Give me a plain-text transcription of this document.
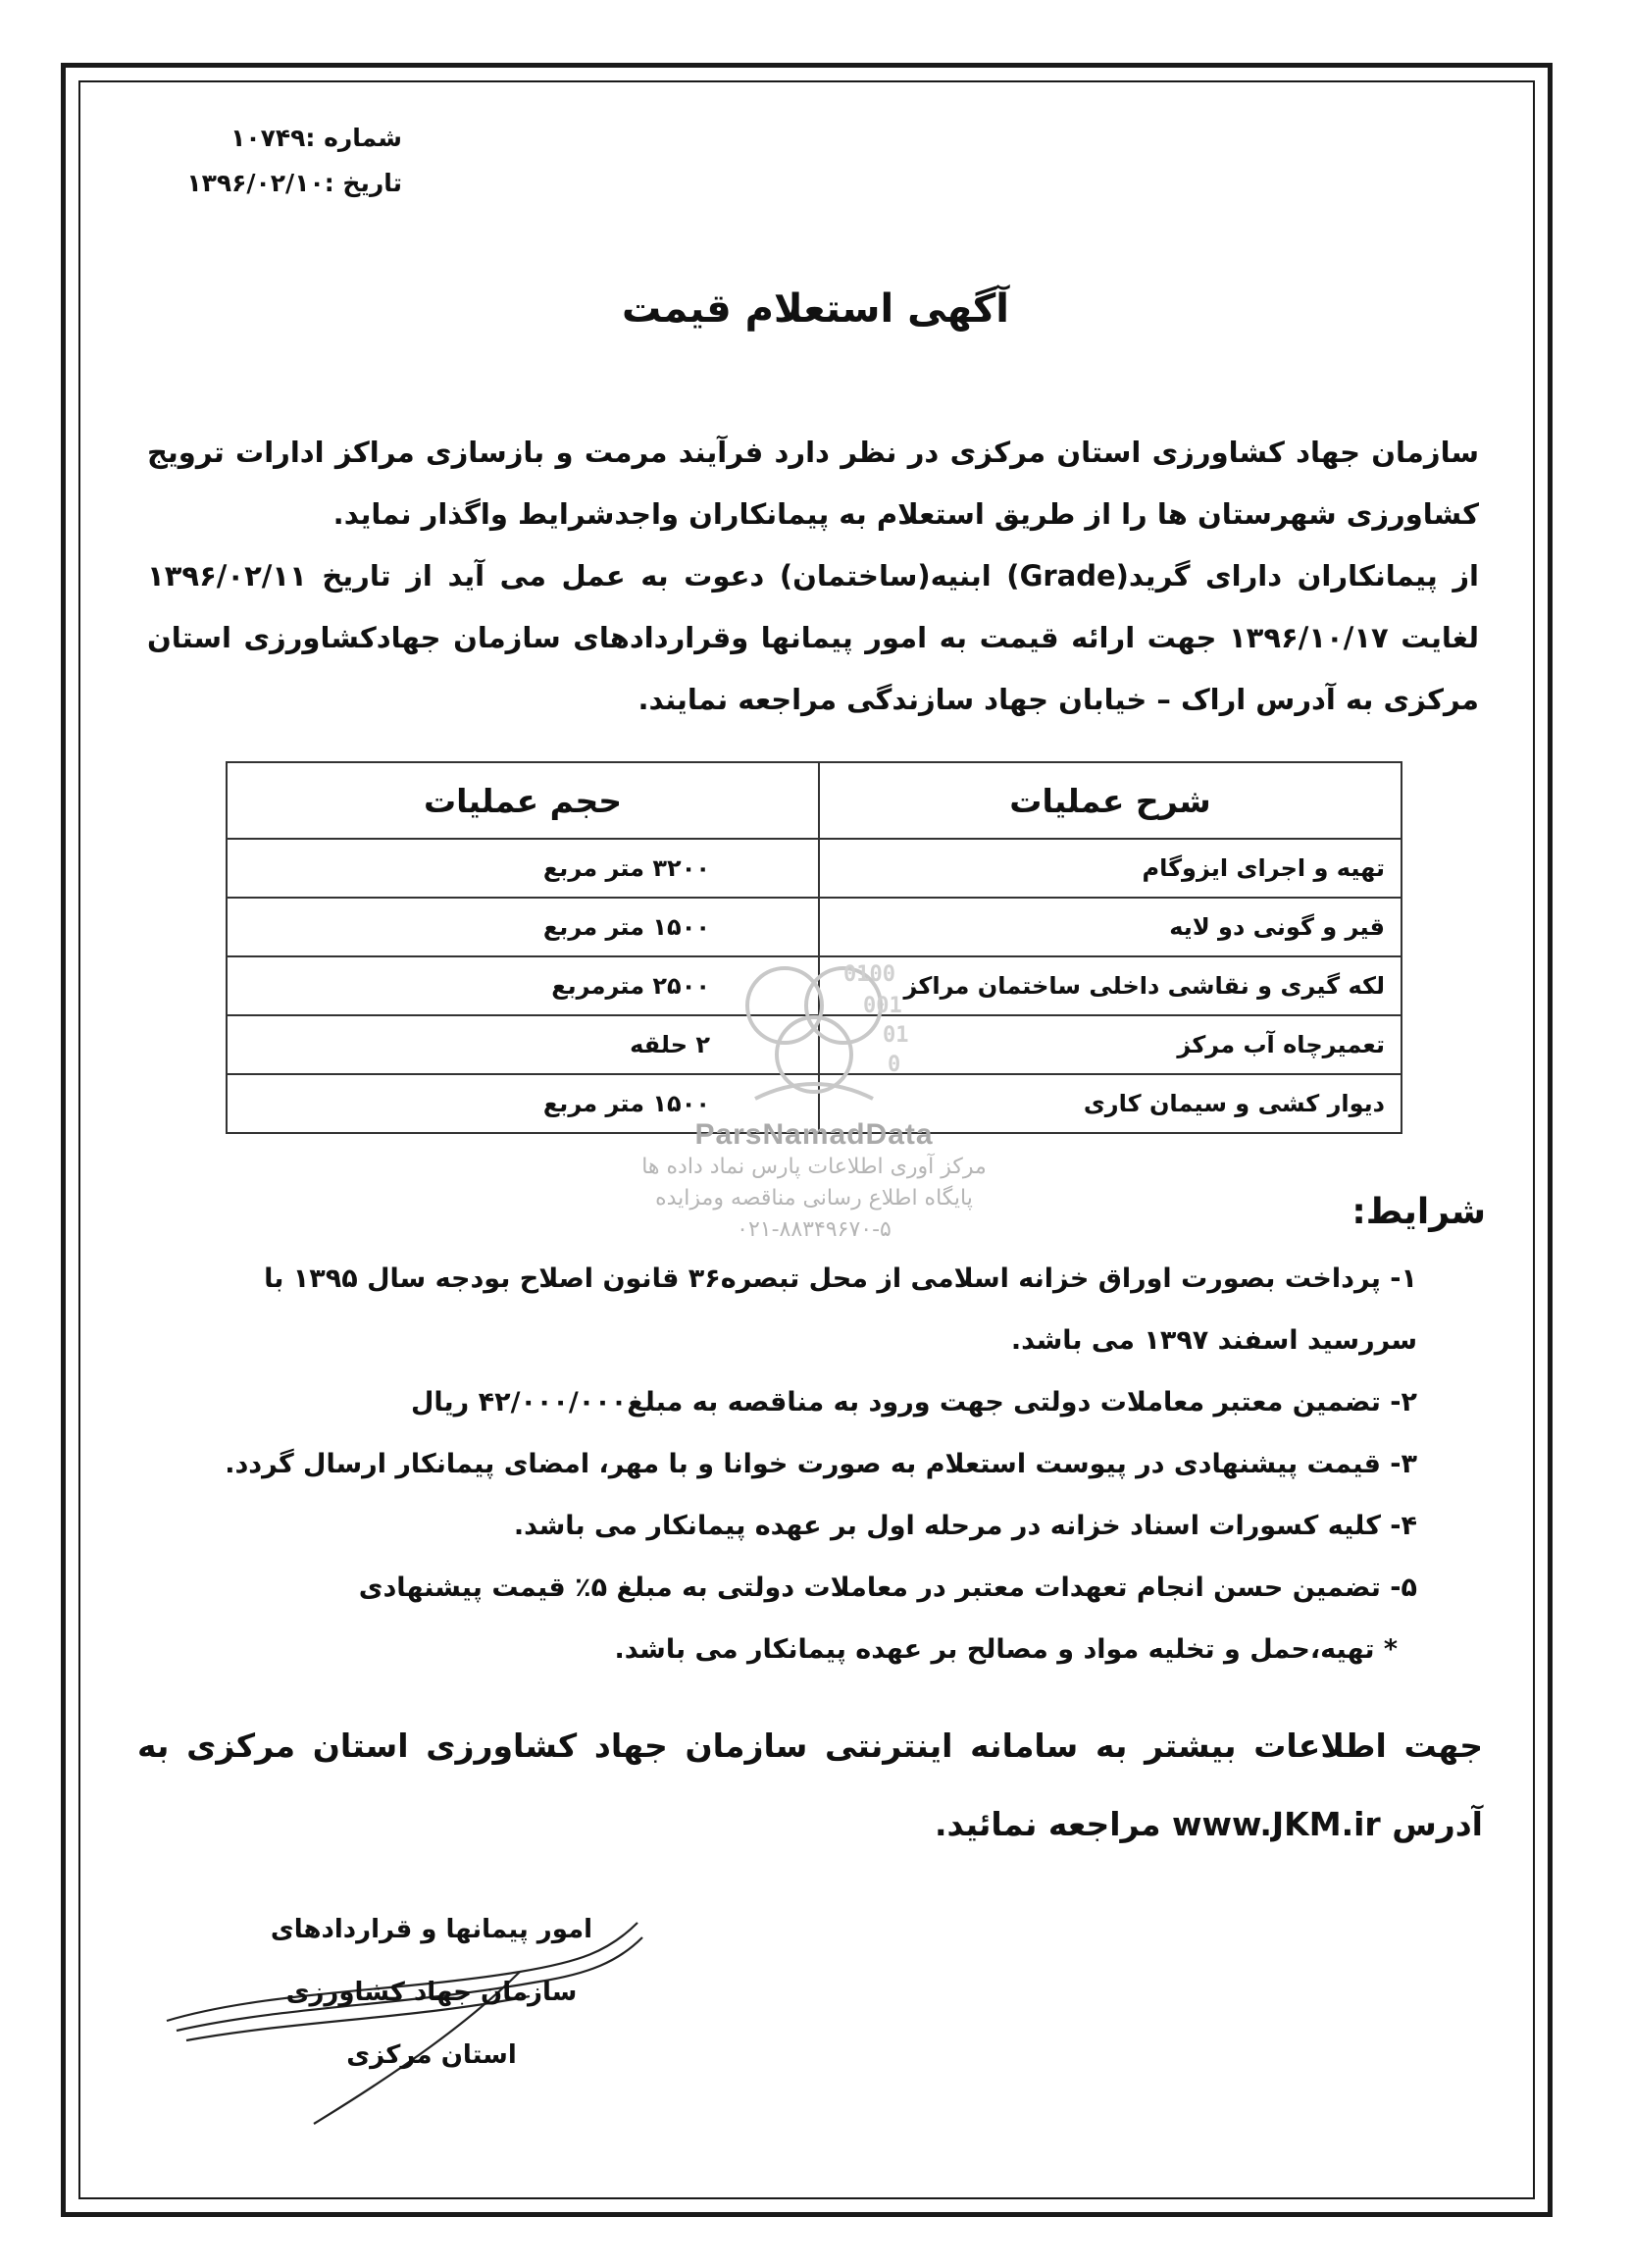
شماره :۱۰۷۴۹
تاریخ :۱۳۹۶/۰۲/۱۰
آگهی استعلام قیمت

سازمان جهاد کشاورزی استان مرکزی در نظر دارد فرآیند مرمت و بازسازی مراکز ادارات ترویج کشاورزی شهرستان ها را از طریق استعلام به پیمانکاران واجدشرایط واگذار نماید.

از پیمانکاران دارای گرید(Grade) ابنیه(ساختمان) دعوت به عمل می آید از تاریخ ۱۳۹۶/۰۲/۱۱ لغایت ۱۳۹۶/۱۰/۱۷ جهت ارائه قیمت به امور پیمانها وقراردادهای سازمان جهادکشاورزی استان مرکزی به آدرس اراک – خیابان جهاد سازندگی مراجعه نمایند.

شرح عملیات	حجم عملیات
تهیه و اجرای ایزوگام	۳۲۰۰ متر مربع
قیر و گونی دو لایه	۱۵۰۰ متر مربع
لکه گیری و نقاشی داخلی ساختمان مراکز	۲۵۰۰ مترمربع
تعمیرچاه آب مرکز	۲ حلقه
دیوار کشی و سیمان کاری	۱۵۰۰ متر مربع
0100
001
01
0
ParsNamadData
مرکز آوری اطلاعات پارس نماد داده ها
پایگاه اطلاع رسانی مناقصه ومزایده
۰۲۱-۸۸۳۴۹۶۷۰-۵	شرایط:
۱- پرداخت بصورت اوراق خزانه اسلامی از محل تبصره۳۶ قانون اصلاح بودجه سال ۱۳۹۵ با سررسید اسفند ۱۳۹۷ می باشد.
۲- تضمین معتبر معاملات دولتی جهت ورود به مناقصه به مبلغ۴۲/۰۰۰/۰۰۰ ریال
۳- قیمت پیشنهادی در پیوست استعلام به صورت خوانا و با مهر، امضای پیمانکار ارسال گردد.
۴- کلیه کسورات اسناد خزانه در مرحله اول بر عهده پیمانکار می باشد.
۵- تضمین حسن انجام تعهدات معتبر در معاملات دولتی به مبلغ ۵٪ قیمت پیشنهادی
* تهیه،حمل و تخلیه مواد و مصالح بر عهده پیمانکار می باشد.
جهت اطلاعات بیشتر به سامانه اینترنتی سازمان جهاد کشاورزی استان مرکزی به آدرس www.JKM.ir مراجعه نمائید.
امور پیمانها و قراردادهای
سازمان جهاد کشاورزی استان مرکزی
